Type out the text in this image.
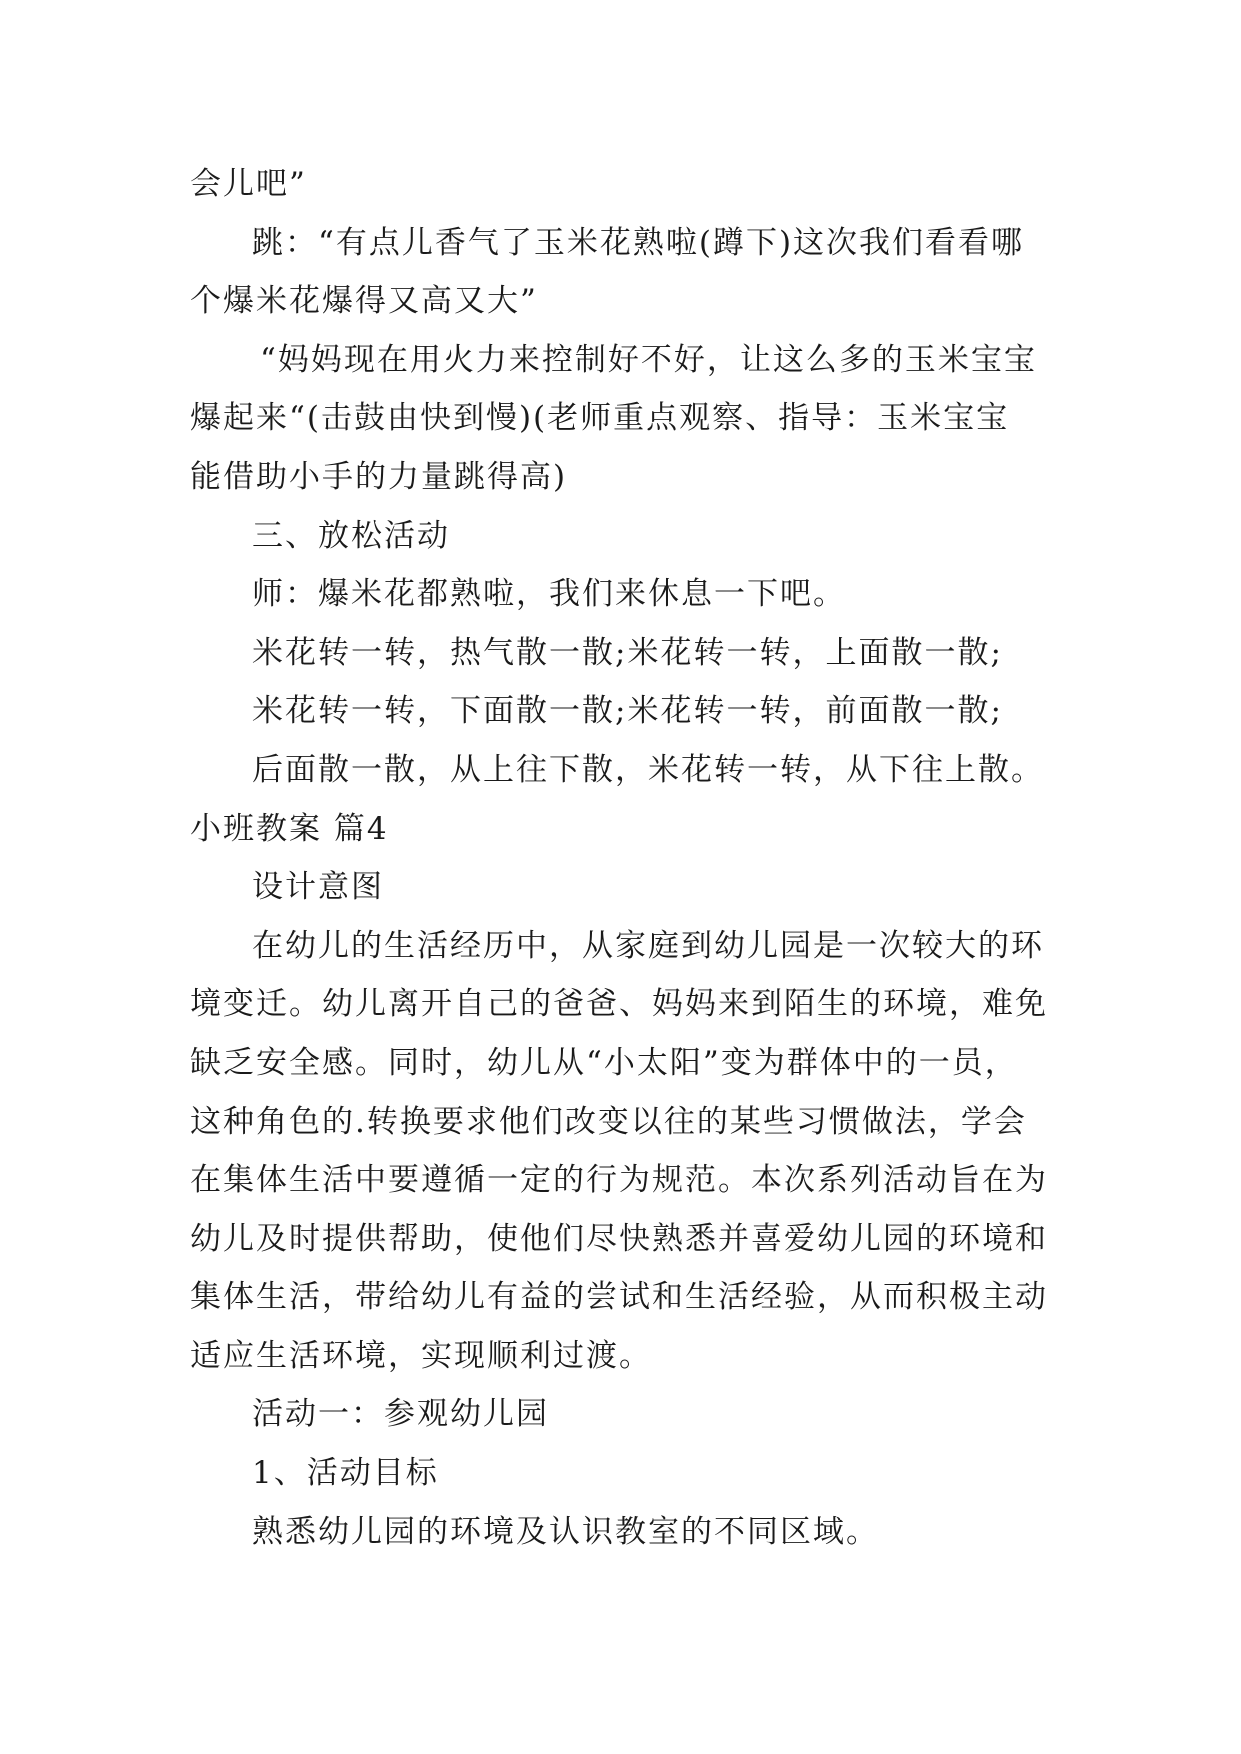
会儿吧”
跳：“有点儿香气了玉米花熟啦(蹲下)这次我们看看哪
个爆米花爆得又高又大”
“妈妈现在用火力来控制好不好，让这么多的玉米宝宝
爆起来“(击鼓由快到慢)(老师重点观察、指导：玉米宝宝
能借助小手的力量跳得高)
三、放松活动
师：爆米花都熟啦，我们来休息一下吧。
米花转一转，热气散一散;米花转一转，上面散一散;
米花转一转，下面散一散;米花转一转，前面散一散;
后面散一散，从上往下散，米花转一转，从下往上散。
小班教案 篇4
设计意图
在幼儿的生活经历中，从家庭到幼儿园是一次较大的环
境变迁。幼儿离开自己的爸爸、妈妈来到陌生的环境，难免
缺乏安全感。同时，幼儿从“小太阳”变为群体中的一员，
这种角色的.转换要求他们改变以往的某些习惯做法，学会
在集体生活中要遵循一定的行为规范。本次系列活动旨在为
幼儿及时提供帮助，使他们尽快熟悉并喜爱幼儿园的环境和
集体生活，带给幼儿有益的尝试和生活经验，从而积极主动
适应生活环境，实现顺利过渡。
活动一：参观幼儿园
1、活动目标
熟悉幼儿园的环境及认识教室的不同区域。
